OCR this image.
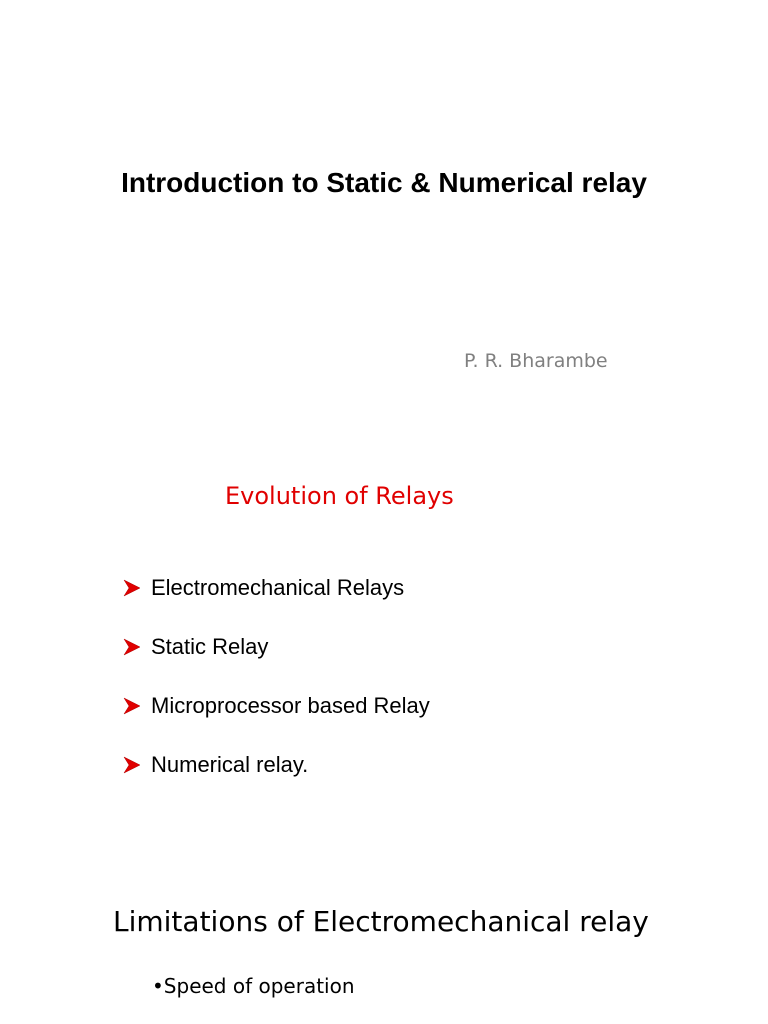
Introduction to Static & Numerical relay
P. R. Bharambe
Evolution of Relays
Electromechanical Relays
Static Relay
Microprocessor based Relay
Numerical relay.
Limitations of Electromechanical relay
• Speed of operation
